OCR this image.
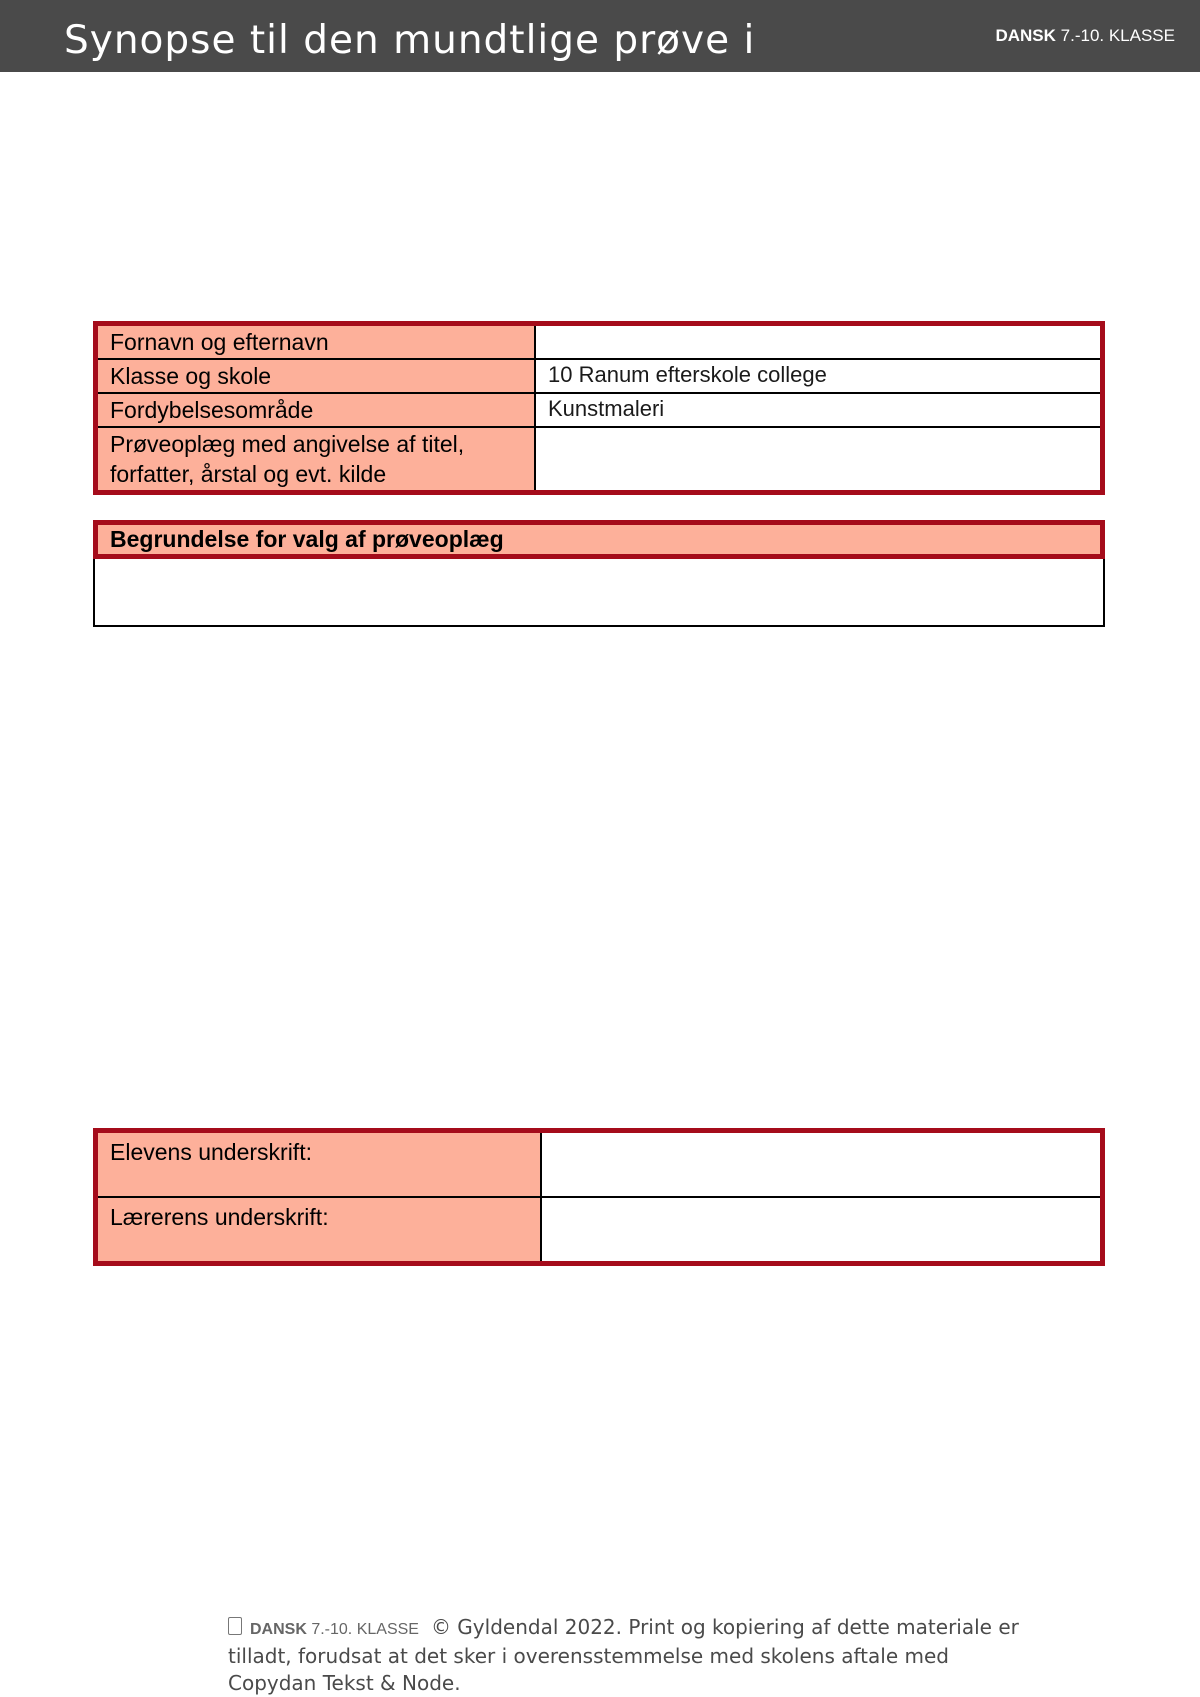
Synopse til den mundtlige prøve i	DANSK 7.-10. KLASSE
Fornavn og efternavn	
Klasse og skole	10 Ranum efterskole college
Fordybelsesområde	Kunstmaleri

Prøveoplæg med angivelse af titel,
forfatter, årstal og evt. kilde	

Begrundelse for valg af prøveoplæg
Elevens underskrift:	
Lærerens underskrift:	
DANSK 7.-10. KLASSE © Gyldendal 2022. Print og kopiering af dette materiale er
tilladt, forudsat at det sker i overensstemmelse med skolens aftale med
Copydan Tekst & Node.
